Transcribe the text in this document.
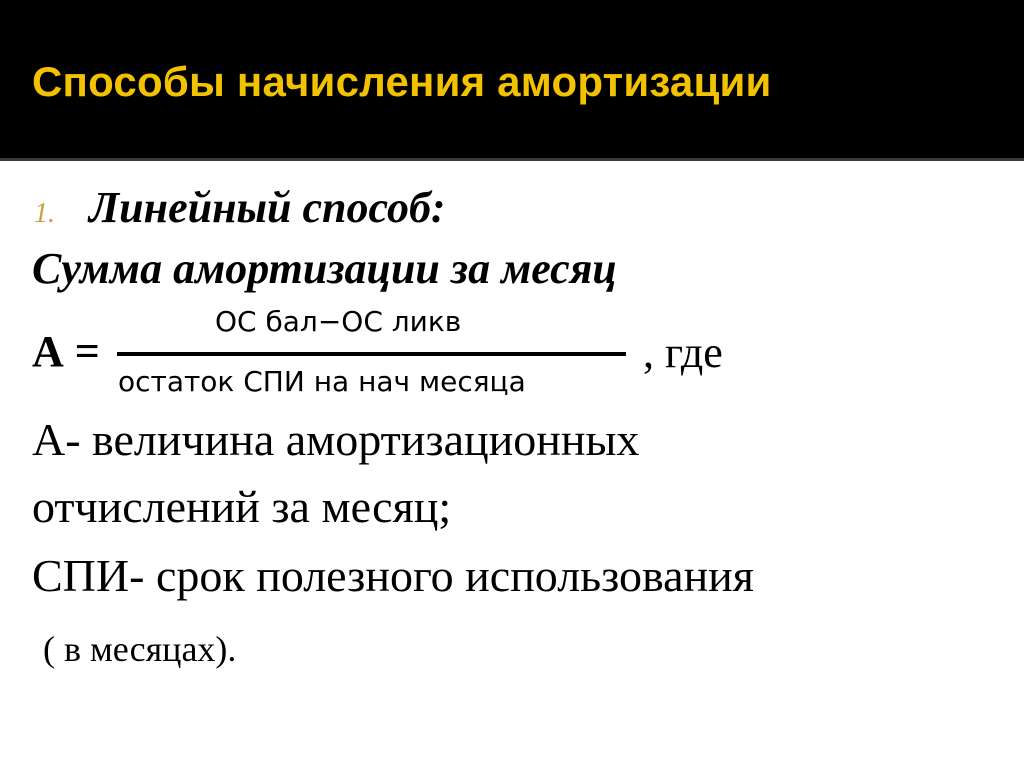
Способы начисления амортизации
1. Линейный способ:
Сумма амортизации за месяц
А =
ОС бал−ОС ликв
остаток СПИ на нач месяца
, где
А- величина амортизационных
отчислений за месяц;
СПИ- срок полезного использования
( в месяцах).
